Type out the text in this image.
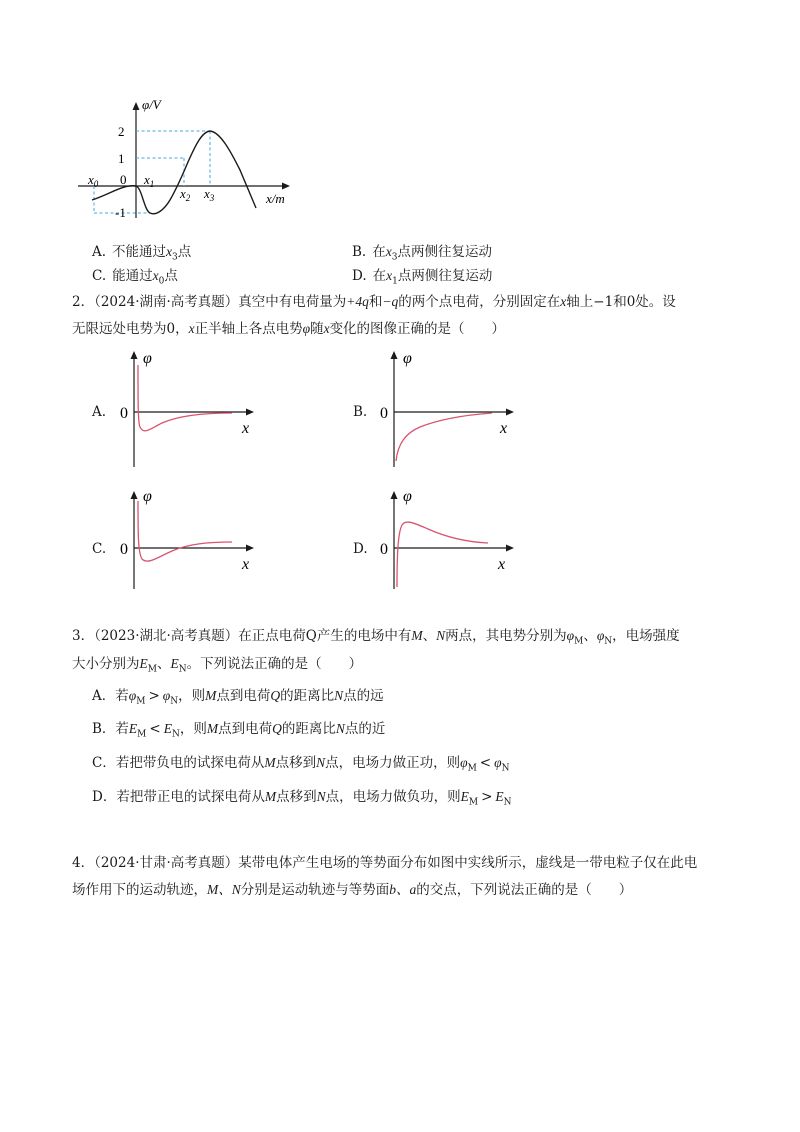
φ/V
2
1
0
-1
$x_0$	$x_1$
$x_2$ $x_3$	x/m
A. 不能通过$x_3$点	B. 在$x_3$点两侧往复运动
C. 能通过$x_0$点	D. 在$x_1$点两侧往复运动
2．（2024·湖南·高考真题）真空中有电荷量为+4q和−q的两个点电荷，分别固定在x轴上−1和0处。设
无限远处电势为0，x正半轴上各点电势φ随x变化的图像正确的是（　　）
A.
φ
0
x
B.
φ
0
x
C.
φ
0
x
D.
φ
0
x
3．（2023·湖北·高考真题）在正点电荷Q产生的电场中有M、N两点，其电势分别为$\varphi_M$、$\varphi_N$，电场强度
大小分别为$E_M$、$E_N$。下列说法正确的是（　　）
A．若$\varphi_M > \varphi_N$，则M点到电荷Q的距离比N点的远
B．若$E_M < E_N$，则M点到电荷Q的距离比N点的近
C．若把带负电的试探电荷从M点移到N点，电场力做正功，则$\varphi_M < \varphi_N$
D．若把带正电的试探电荷从M点移到N点，电场力做负功，则$E_M > E_N$
4．（2024·甘肃·高考真题）某带电体产生电场的等势面分布如图中实线所示，虚线是一带电粒子仅在此电
场作用下的运动轨迹，M、N分别是运动轨迹与等势面b、a的交点，下列说法正确的是（　　）
